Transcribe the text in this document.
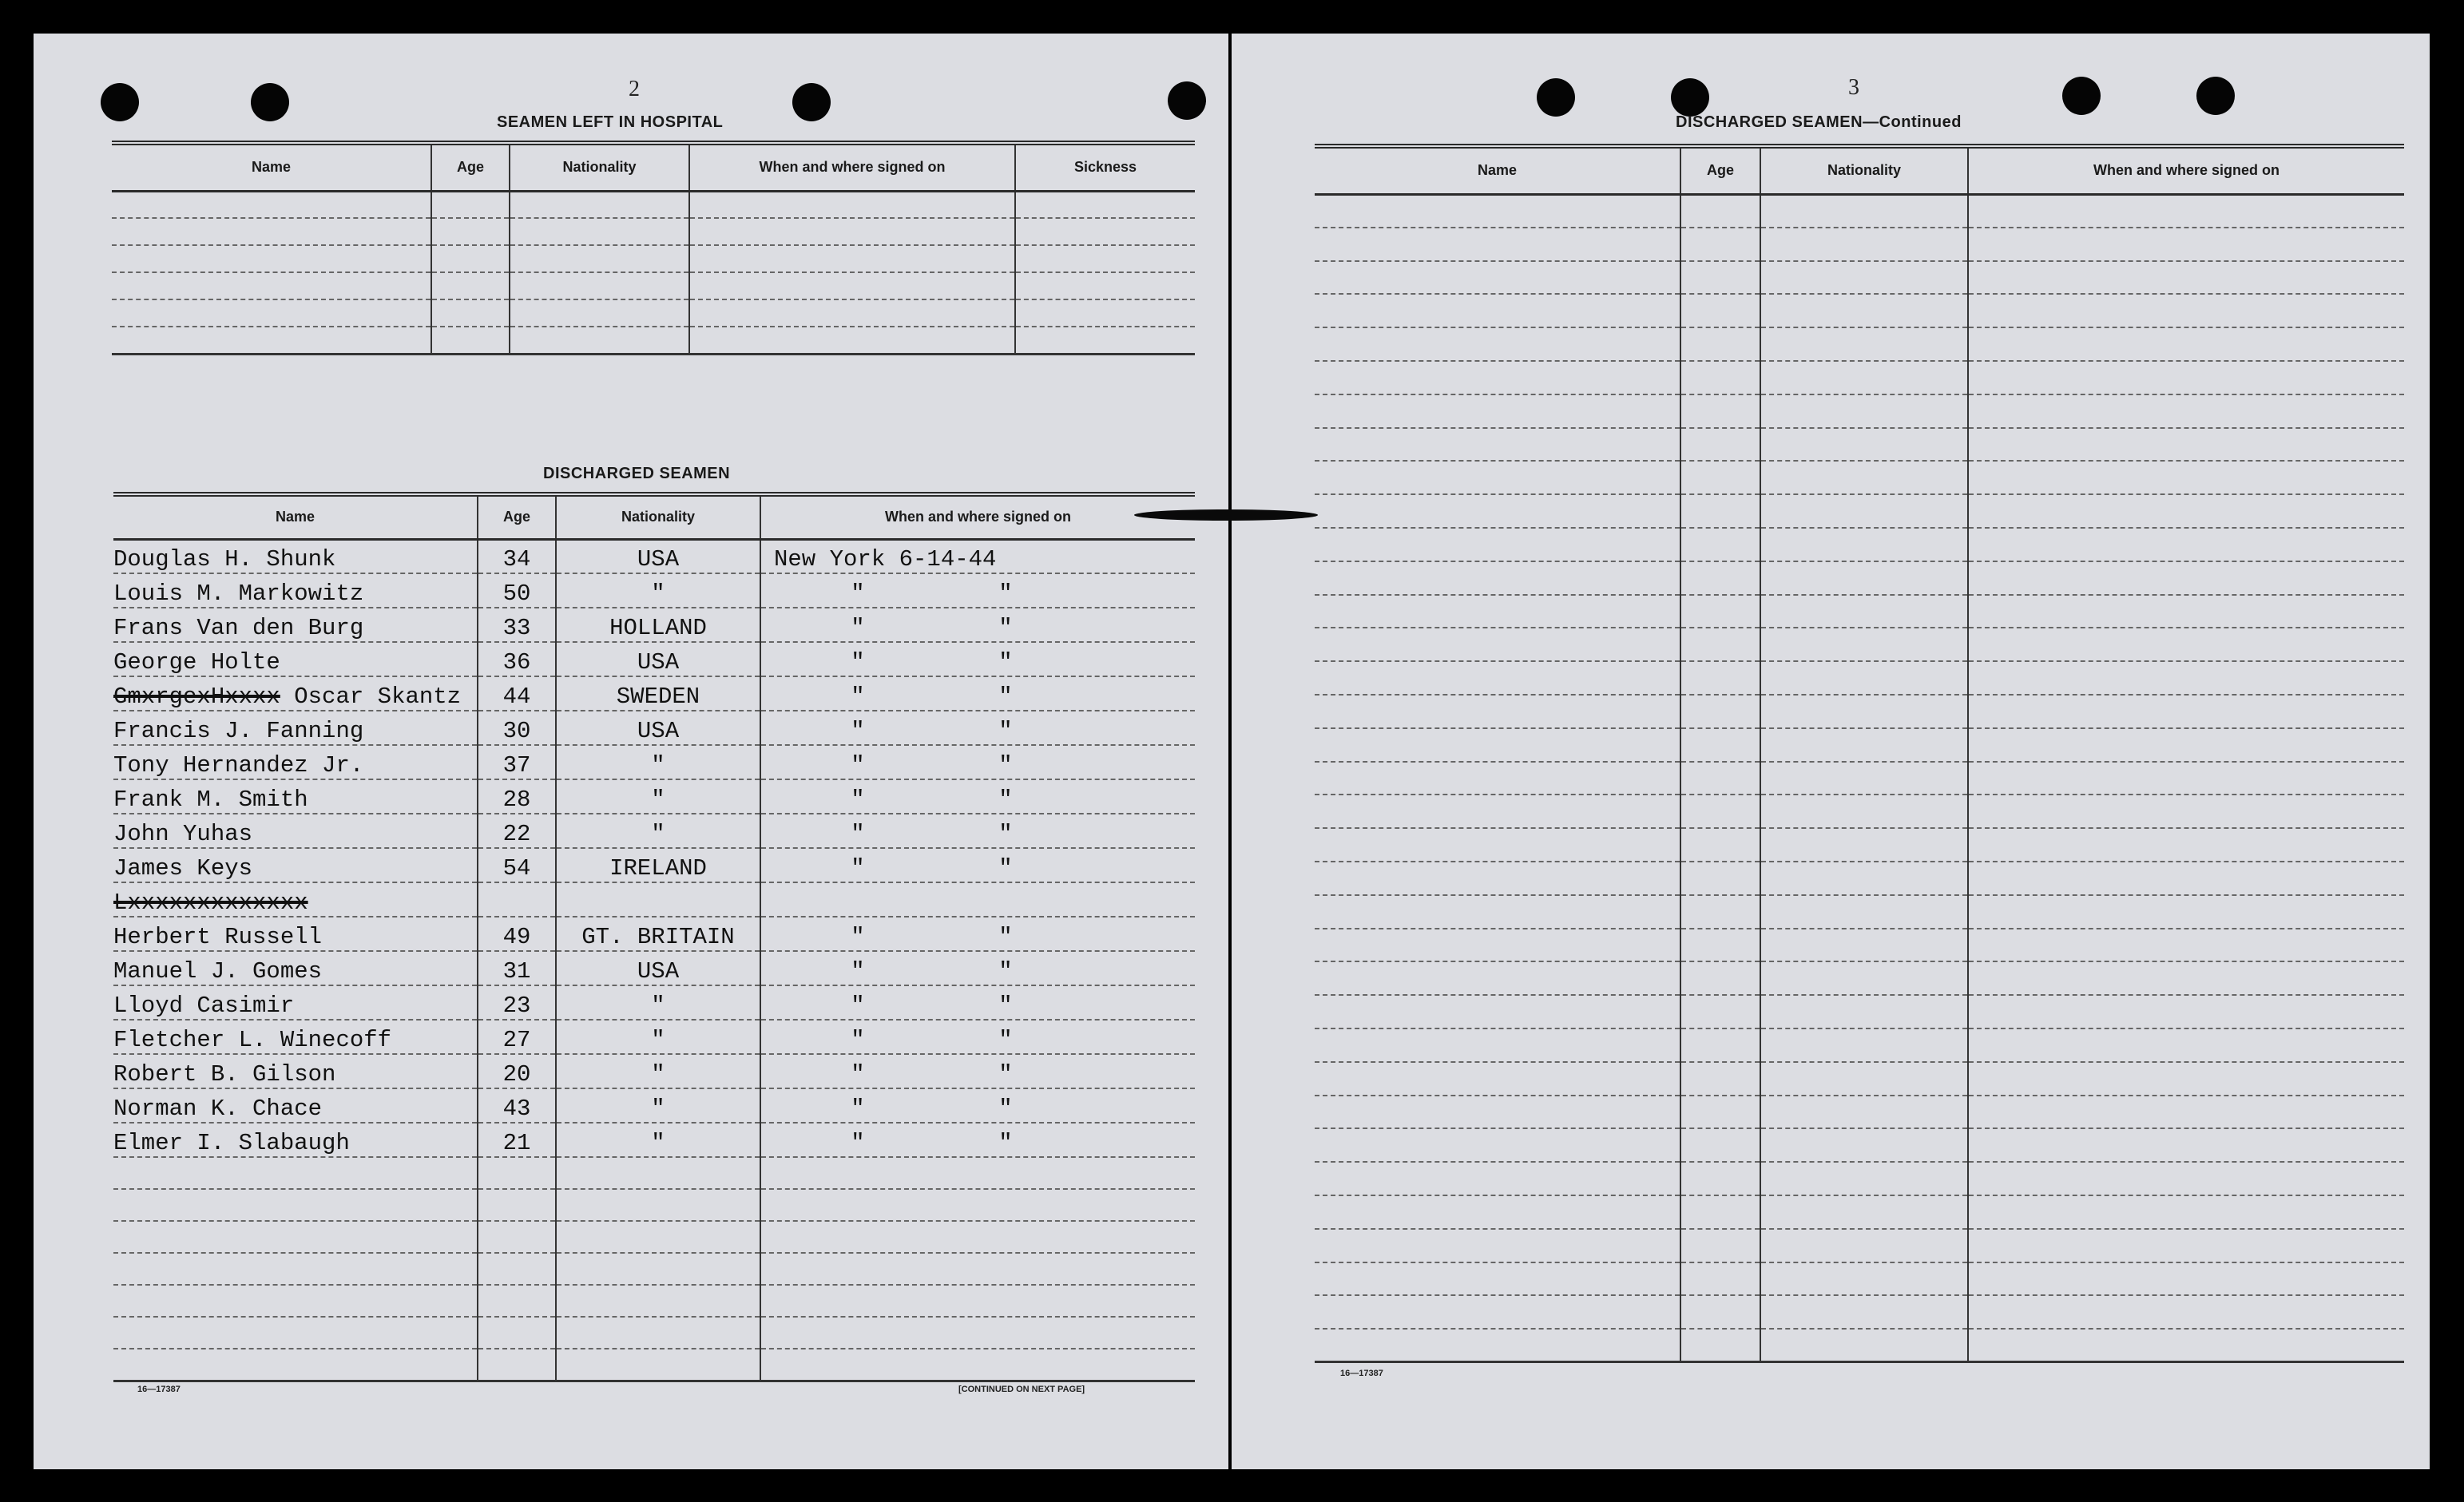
2
SEAMEN LEFT IN HOSPITAL
Name	Age	Nationality	When and where signed on	Sickness

DISCHARGED SEAMEN
Name	Age	Nationality	When and where signed on
Douglas H. Shunk	34	USA	New York 6-14-44
Louis M. Markowitz	50	"	" "
Frans Van den Burg	33	HOLLAND	" "
George Holte	36	USA	" "
GmxrgexHxxxx Oscar Skantz	44	SWEDEN	" "
Francis J. Fanning	30	USA	" "
Tony Hernandez Jr.	37	"	" "
Frank M. Smith	28	"	" "
John Yuhas	22	"	" "
James Keys	54	IRELAND	" "
Lxxxxxxxxxxxxx			
Herbert Russell	49	GT. BRITAIN	" "
Manuel J. Gomes	31	USA	" "
Lloyd Casimir	23	"	" "
Fletcher L. Winecoff	27	"	" "
Robert B. Gilson	20	"	" "
Norman K. Chace	43	"	" "
Elmer I. Slabaugh	21	"	" "

16—17387	[CONTINUED ON NEXT PAGE]
3
DISCHARGED SEAMEN—Continued
Name	Age	Nationality	When and where signed on

16—17387
